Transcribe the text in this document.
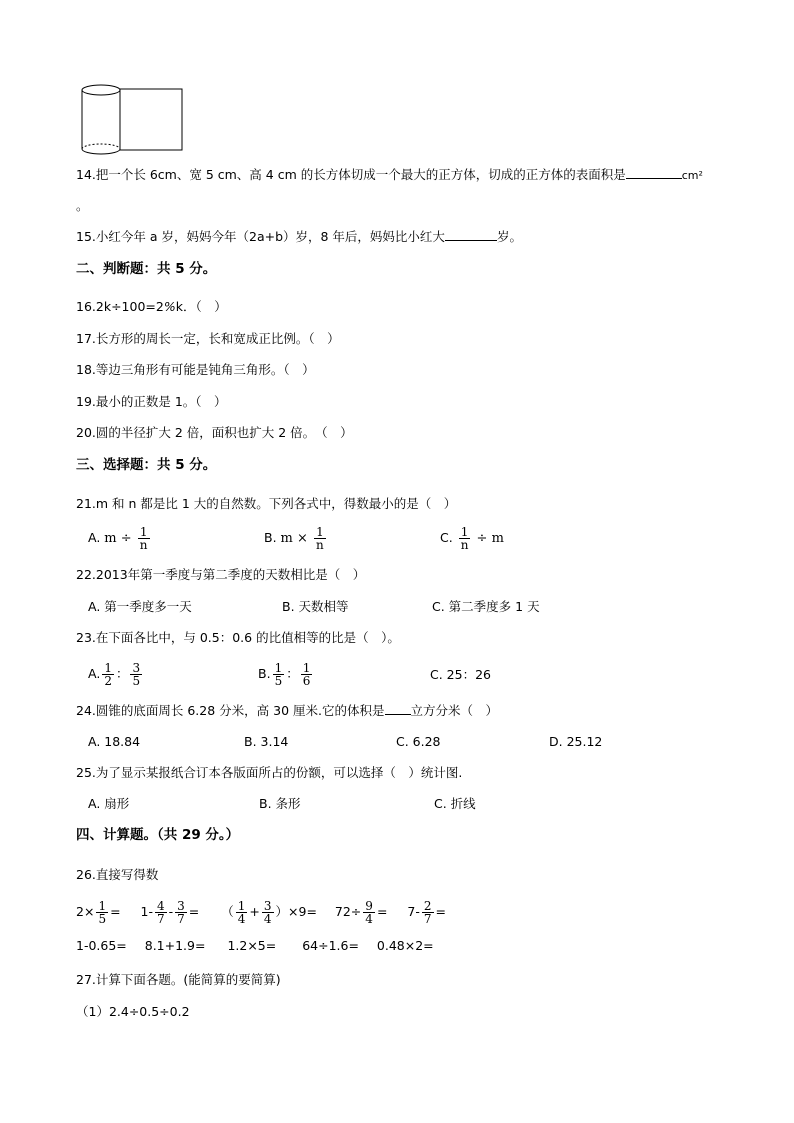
14.把一个长 6cm、宽 5 cm、高 4 cm 的长方体切成一个最大的正方体，切成的正方体的表面积是	cm²
。
15.小红今年 a 岁，妈妈今年（2a+b）岁，8 年后，妈妈比小红大	岁。
二、判断题：共 5 分。
16.2k÷100=2%k．（　）
17.长方形的周长一定，长和宽成正比例。（　）
18.等边三角形有可能是钝角三角形。（　）
19.最小的正数是 1。（　）
20.圆的半径扩大 2 倍，面积也扩大 2 倍。　（　）
三、选择题：共 5 分。
21.m 和 n 都是比 1 大的自然数。下列各式中，得数最小的是（　）
A. $m \div \frac{1}{n}$	B. $m \times \frac{1}{n}$	C. $\frac{1}{n} \div m$
22.2013年第一季度与第二季度的天数相比是（　）
A. 第一季度多一天	B. 天数相等	C. 第二季度多 1 天
23.在下面各比中，与 0.5：0.6 的比值相等的比是（　）。
A. $\frac{1}{2}$ ： $\frac{3}{5}$	B. $\frac{1}{5}$ ： $\frac{1}{6}$	C. 25：26
24.圆锥的底面周长 6.28 分米，高 30 厘米.它的体积是 立方分米（　）
A. 18.84	B. 3.14	C. 6.28	D. 25.12
25.为了显示某报纸合订本各版面所占的份额，可以选择（　）统计图.
A. 扇形	B. 条形	C. 折线
四、计算题。（共 29 分。）
26.直接写得数
$2\times \frac{1}{5} = 1- \frac{4}{7} - \frac{3}{7}$ = （ $\frac{1}{4} + \frac{3}{4} )\times 9= 72\div \frac{9}{4} = 7- \frac{2}{7}$ =
1-0.65= 8.1+1.9= 1.2×5= 64÷1.6= 0.48×2=
27.计算下面各题。(能简算的要简算)
（1）2.4÷0.5÷0.2
